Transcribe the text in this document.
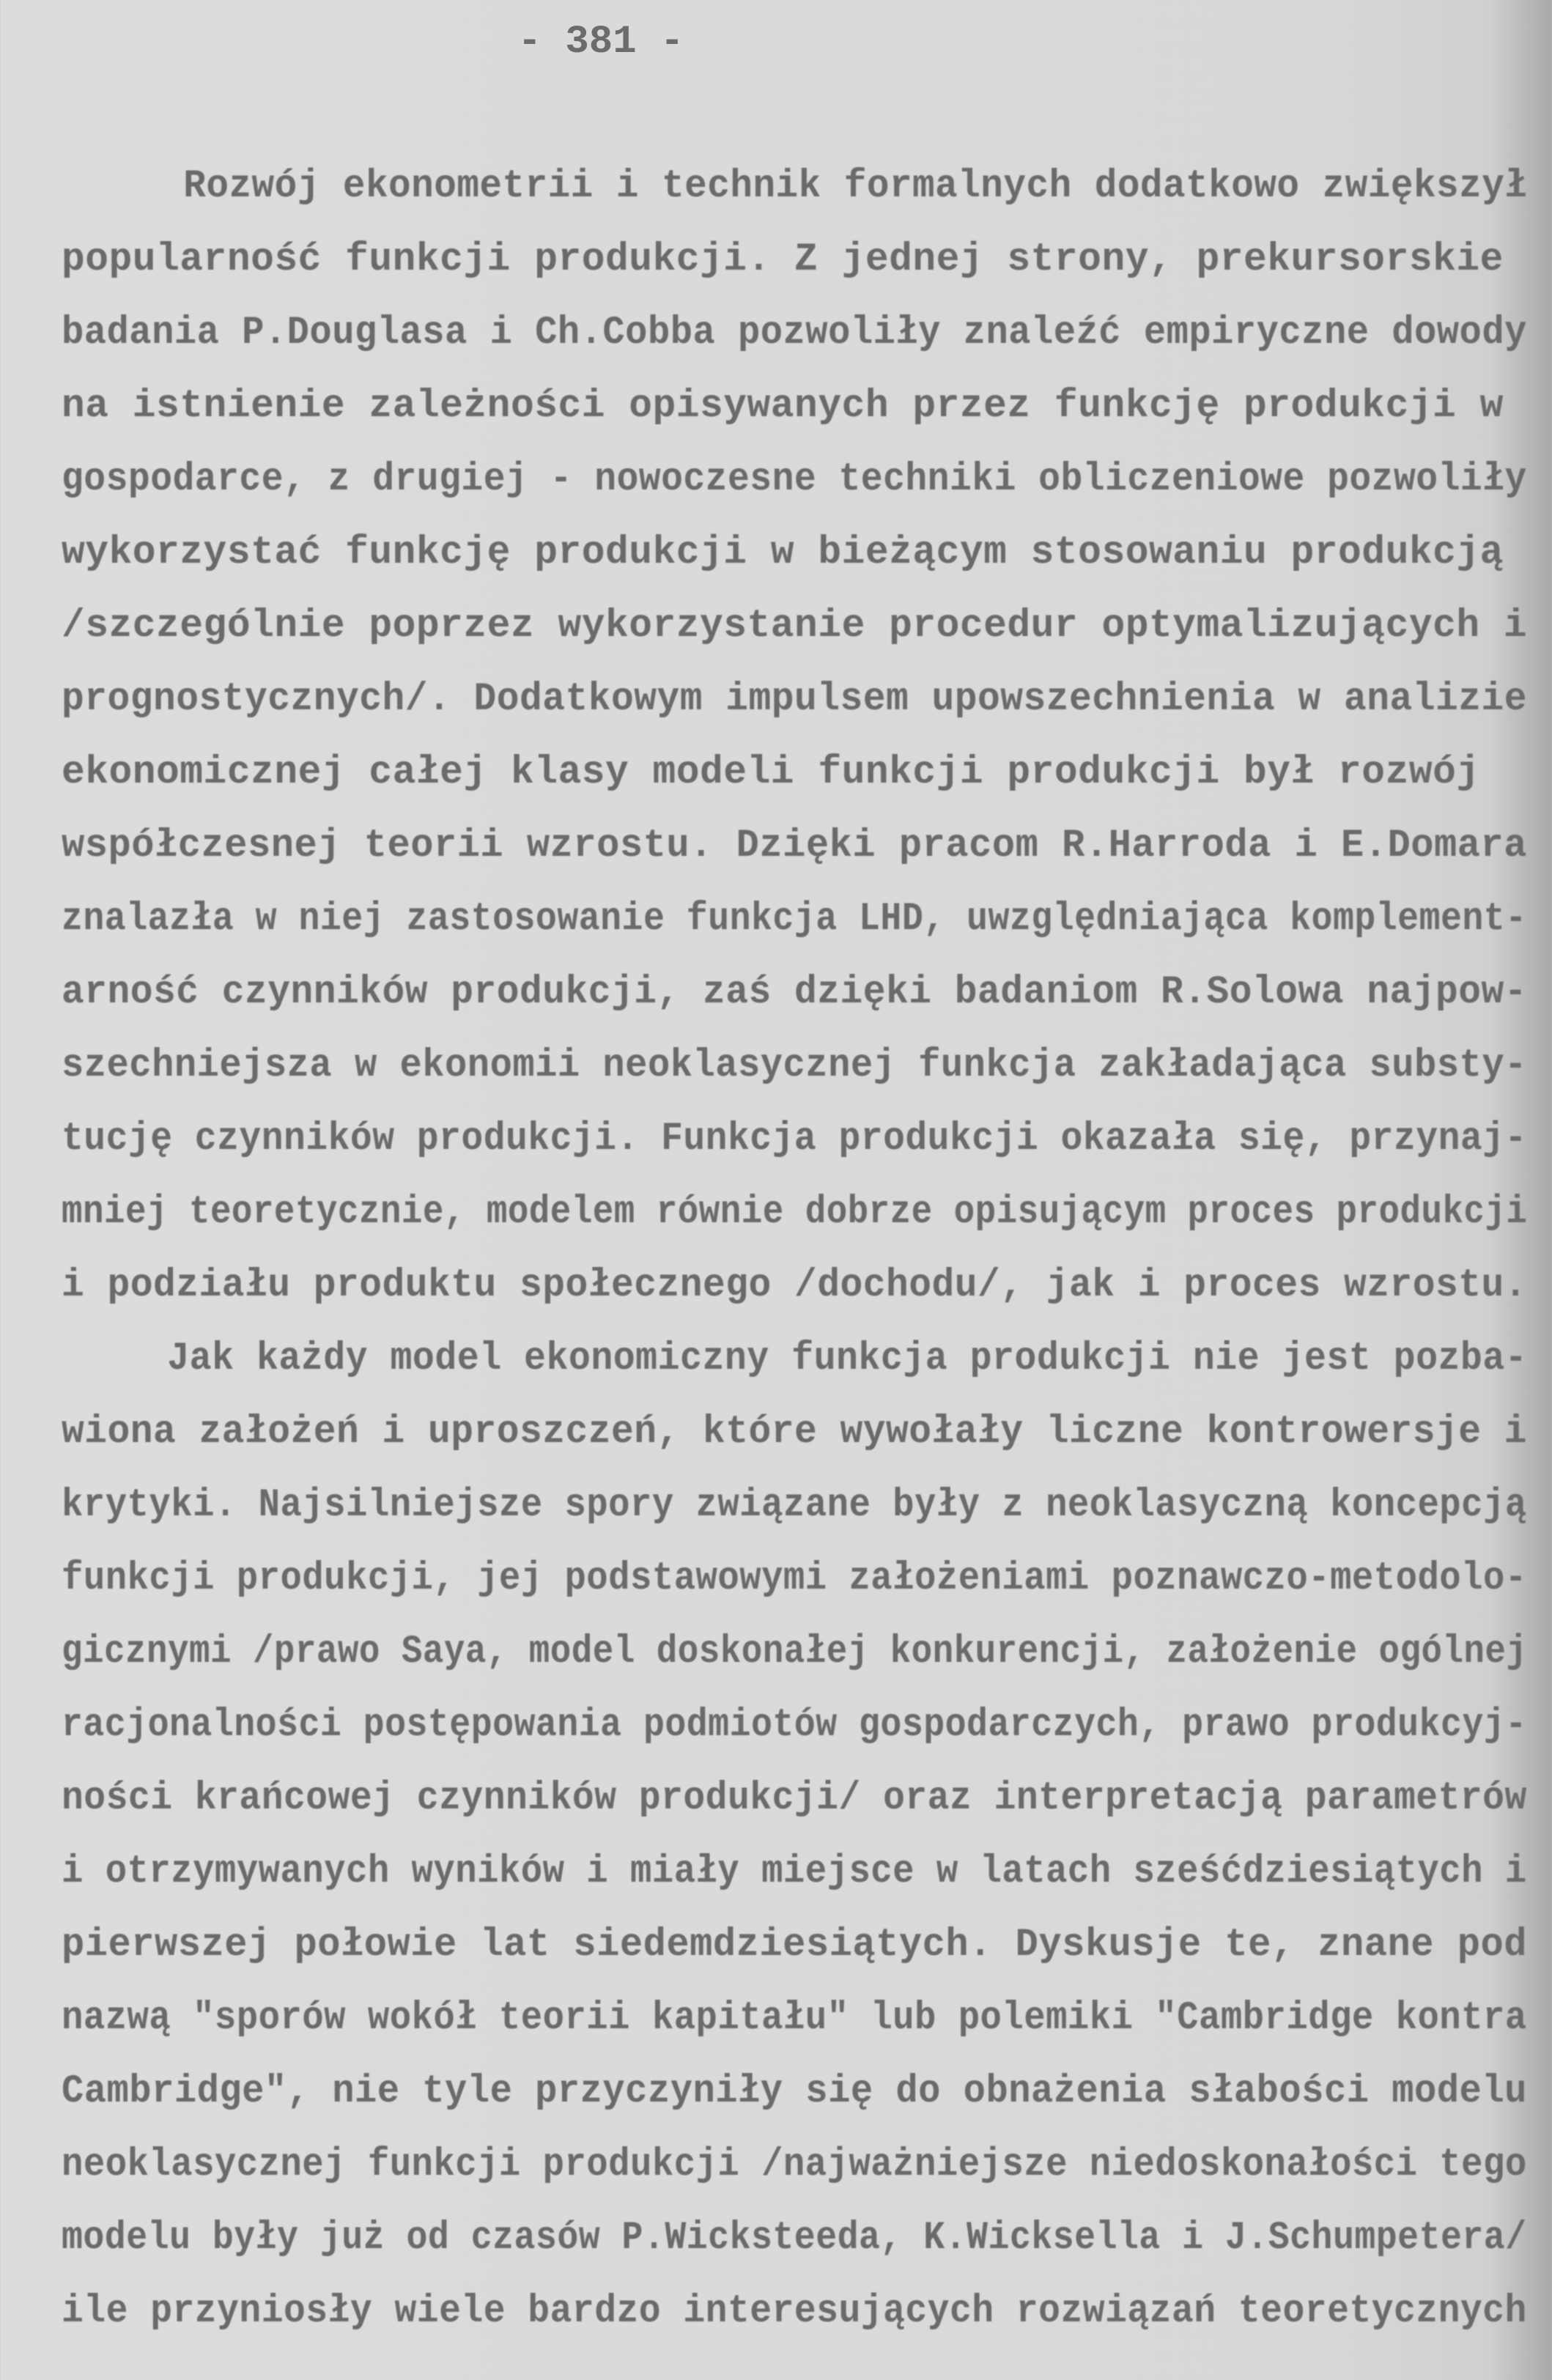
- 381 -
Rozwój ekonometrii i technik formalnych dodatkowo zwiększył
popularność funkcji produkcji. Z jednej strony, prekursorskie
badania P.Douglasa i Ch.Cobba pozwoliły znaleźć empiryczne dowody
na istnienie zależności opisywanych przez funkcję produkcji w
gospodarce, z drugiej - nowoczesne techniki obliczeniowe pozwoliły
wykorzystać funkcję produkcji w bieżącym stosowaniu produkcją
/szczególnie poprzez wykorzystanie procedur optymalizujących i
prognostycznych/. Dodatkowym impulsem upowszechnienia w analizie
ekonomicznej całej klasy modeli funkcji produkcji był rozwój
współczesnej teorii wzrostu. Dzięki pracom R.Harroda i E.Domara
znalazła w niej zastosowanie funkcja LHD, uwzględniająca komplement-
arność czynników produkcji, zaś dzięki badaniom R.Solowa najpow-
szechniejsza w ekonomii neoklasycznej funkcja zakładająca substy-
tucję czynników produkcji. Funkcja produkcji okazała się, przynaj-
mniej teoretycznie, modelem równie dobrze opisującym proces produkcji
i podziału produktu społecznego /dochodu/, jak i proces wzrostu.
Jak każdy model ekonomiczny funkcja produkcji nie jest pozba-
wiona założeń i uproszczeń, które wywołały liczne kontrowersje i
krytyki. Najsilniejsze spory związane były z neoklasyczną koncepcją
funkcji produkcji, jej podstawowymi założeniami poznawczo-metodolo-
gicznymi /prawo Saya, model doskonałej konkurencji, założenie ogólnej
racjonalności postępowania podmiotów gospodarczych, prawo produkcyj-
ności krańcowej czynników produkcji/ oraz interpretacją parametrów
i otrzymywanych wyników i miały miejsce w latach sześćdziesiątych i
pierwszej połowie lat siedemdziesiątych. Dyskusje te, znane pod
nazwą "sporów wokół teorii kapitału" lub polemiki "Cambridge kontra
Cambridge", nie tyle przyczyniły się do obnażenia słabości modelu
neoklasycznej funkcji produkcji /najważniejsze niedoskonałości tego
modelu były już od czasów P.Wicksteeda, K.Wicksella i J.Schumpetera/
ile przyniosły wiele bardzo interesujących rozwiązań teoretycznych
